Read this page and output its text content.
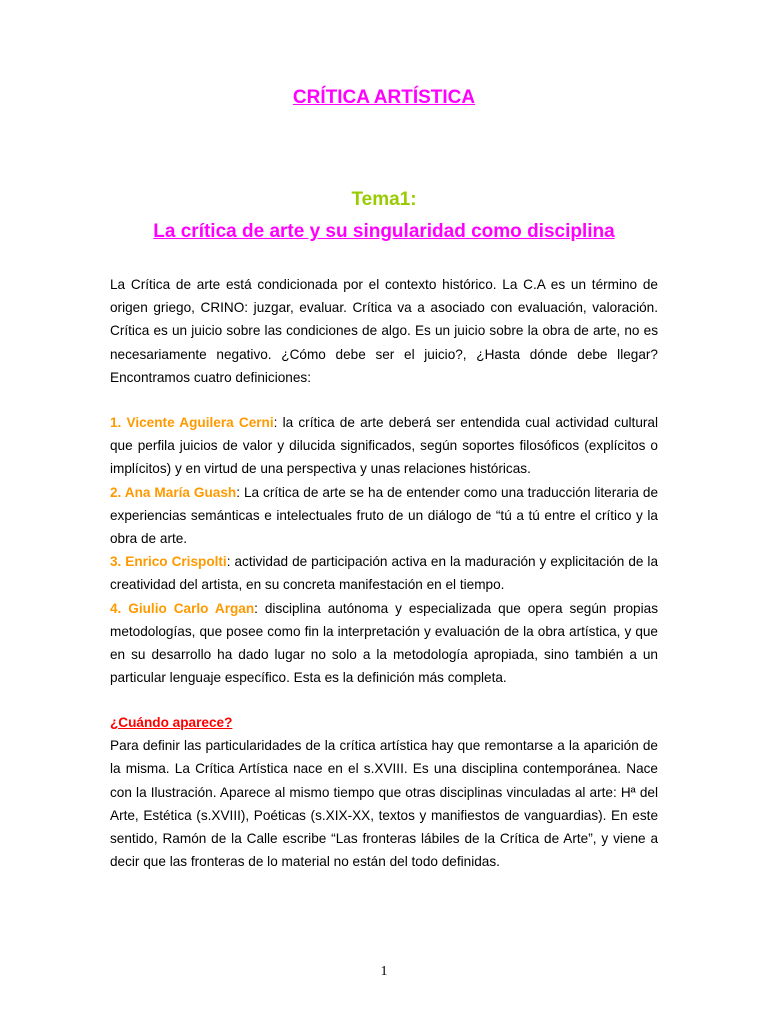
CRÍTICA ARTÍSTICA
Tema1:
La crítica de arte y su singularidad como disciplina
La Crítica de arte está condicionada por el contexto histórico. La C.A es un término de origen griego, CRINO: juzgar, evaluar. Crítica va a asociado con evaluación, valoración. Crítica es un juicio sobre las condiciones de algo. Es un juicio sobre la obra de arte, no es necesariamente negativo. ¿Cómo debe ser el juicio?, ¿Hasta dónde debe llegar? Encontramos cuatro definiciones:
1. Vicente Aguilera Cerni: la crítica de arte deberá ser entendida cual actividad cultural que perfila juicios de valor y dilucida significados, según soportes filosóficos (explícitos o implícitos) y en virtud de una perspectiva y unas relaciones históricas.
2. Ana María Guash: La crítica de arte se ha de entender como una traducción literaria de experiencias semánticas e intelectuales fruto de un diálogo de “tú a tú entre el crítico y la obra de arte.
3. Enrico Crispolti: actividad de participación activa en la maduración y explicitación de la creatividad del artista, en su concreta manifestación en el tiempo.
4. Giulio Carlo Argan: disciplina autónoma y especializada que opera según propias metodologías, que posee como fin la interpretación y evaluación de la obra artística, y que en su desarrollo ha dado lugar no solo a la metodología apropiada, sino también a un particular lenguaje específico. Esta es la definición más completa.
¿Cuándo aparece?
Para definir las particularidades de la crítica artística hay que remontarse a la aparición de la misma. La Crítica Artística nace en el s.XVIII. Es una disciplina contemporánea. Nace con la Ilustración. Aparece al mismo tiempo que otras disciplinas vinculadas al arte: Hª del Arte, Estética (s.XVIII), Poéticas (s.XIX-XX, textos y manifiestos de vanguardias). En este sentido, Ramón de la Calle escribe “Las fronteras lábiles de la Crítica de Arte”, y viene a decir que las fronteras de lo material no están del todo definidas.
1
